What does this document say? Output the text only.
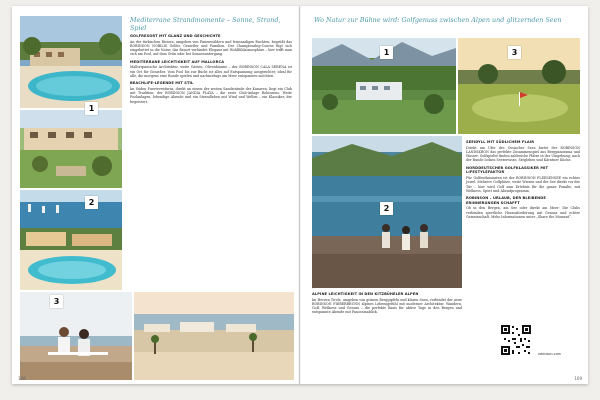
1
2
3
Mediterrane Strandmomente – Sonne, Strand, Spiel
GOLFRESORT MIT GLANZ UND GESCHICHTE

An der türkischen Riviera, umgeben von Pinienwäldern und feinsandigen Buchten, begrüßt das ROBINSON NOBILIS Golfer, Genießer und Familien. Der Championship-Course fügt sich eingebettet in die Natur, das Resort verbindet Eleganz mit Wohlfühlatmosphäre – hier trifft man sich am Pool, auf dem Grün oder bei Sonnenuntergang.

MEDITERRANE LEICHTIGKEIT AUF MALLORCA

Mallorquinische Architektur, weite Gärten, Olivenbäume – der ROBINSON CALA SERENA ist ein Ort für Genießer. Vom Pool bis zur Bucht ist alles auf Entspannung ausgerichtet; ideal für alle, die morgens eine Runde spielen und nachmittags am Meer entspannen möchten.

BEACHLIFE-LEGENDE MIT STIL

Im Süden Fuerteventuras, direkt an einem der weiten Sandstrände der Kanaren, liegt ein Club mit Tradition: der ROBINSON JANDIA PLAYA – die erste Club-Anlage Robinsons. Weite Poolanlagen, lebendige Abende und ein Strandleben mit Wind und Wellen – ein Klassiker, der begeistert.

108
Wo Natur zur Bühne wird: Golfgenuss zwischen Alpen und glitzernden Seen
1	3
2
SEEIDYLL MIT SÜDLICHEM FLAIR

Direkt am Ufer des Ossiacher Sees bietet der ROBINSON LANDSKRON das perfekte Zusammenspiel aus Bergpanorama und Wasser. Golfspieler finden zahlreiche Plätze in der Umgebung; nach der Runde locken Seeterrasse, Stegleben und Kärntner Küche.

NORDDEUTSCHER GOLFKLASSIKER MIT LIFESTYLEFAKTOR

Für Golfenthusiasten ist der ROBINSON FLEESENSEE ein echtes Juwel. Mehrere Golfplätze, weite Wiesen und der See direkt vor der Tür – hier wird Golf zum Erlebnis für die ganze Familie, mit Wellness, Sport und Abendprogramm.

ROBINSON – URLAUB, DER BLEIBENDE ERINNERUNGEN SCHAFFT

Ob in den Bergen, am See oder direkt am Meer: Die Clubs verbinden sportliche Herausforderung mit Genuss und echter Gemeinschaft. Mehr Informationen unter „Share the Moment“.

ALPINE LEICHTIGKEIT IN DEN KITZBÜHELER ALPEN

Im Herzen Tirols, umgeben von grünen Berggipfeln und klaren Seen, verbindet der neue ROBINSON FIEBERBRUNN alpines Lebensgefühl mit moderner Architektur. Wandern, Golf, Wellness und Genuss – die perfekte Basis für aktive Tage in den Bergen und entspannte Abende mit Panoramablick.

robinson.com
109
